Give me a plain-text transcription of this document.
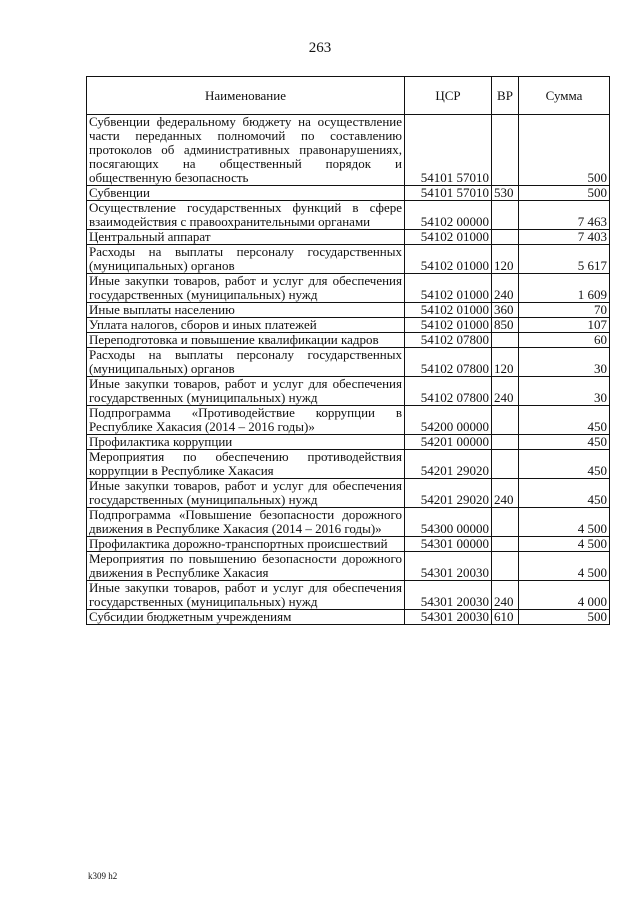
263
Наименование	ЦСР	ВР	Сумма
Субвенции федеральному бюджету на осуществление части переданных полномочий по составлению протоколов об административных правонарушениях, посягающих на общественный порядок и общественную безопасность	54101 57010		500
Субвенции	54101 57010	530	500
Осуществление государственных функций в сфере взаимодействия с правоохранительными органами	54102 00000		7 463
Центральный аппарат	54102 01000		7 403
Расходы на выплаты персоналу государственных (муниципальных) органов	54102 01000	120	5 617
Иные закупки товаров, работ и услуг для обеспечения государственных (муниципальных) нужд	54102 01000	240	1 609
Иные выплаты населению	54102 01000	360	70
Уплата налогов, сборов и иных платежей	54102 01000	850	107
Переподготовка и повышение квалификации кадров	54102 07800		60
Расходы на выплаты персоналу государственных (муниципальных) органов	54102 07800	120	30
Иные закупки товаров, работ и услуг для обеспечения государственных (муниципальных) нужд	54102 07800	240	30
Подпрограмма «Противодействие коррупции в Республике Хакасия (2014 – 2016 годы)»	54200 00000		450
Профилактика коррупции	54201 00000		450
Мероприятия по обеспечению противодействия коррупции в Республике Хакасия	54201 29020		450
Иные закупки товаров, работ и услуг для обеспечения государственных (муниципальных) нужд	54201 29020	240	450
Подпрограмма «Повышение безопасности дорожного движения в Республике Хакасия (2014 – 2016 годы)»	54300 00000		4 500
Профилактика дорожно-транспортных происшествий	54301 00000		4 500
Мероприятия по повышению безопасности дорожного движения в Республике Хакасия	54301 20030		4 500
Иные закупки товаров, работ и услуг для обеспечения государственных (муниципальных) нужд	54301 20030	240	4 000
Субсидии бюджетным учреждениям	54301 20030	610	500
k309 h2
